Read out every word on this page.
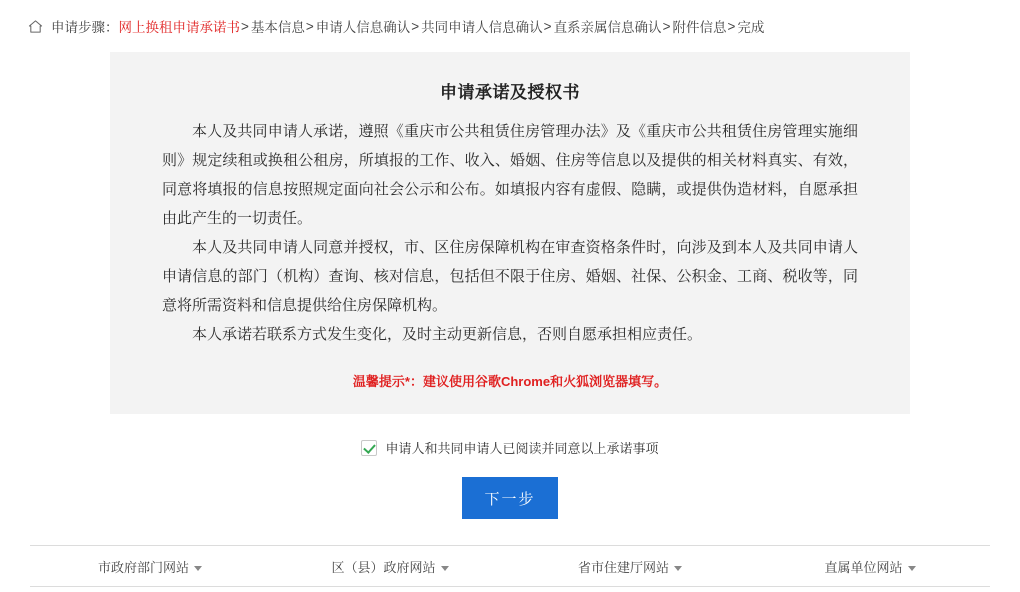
申请步骤： 网上换租申请承诺书 > 基本信息 > 申请人信息确认 > 共同申请人信息确认 > 直系亲属信息确认 > 附件信息 > 完成
申请承诺及授权书

本人及共同申请人承诺，遵照《重庆市公共租赁住房管理办法》及《重庆市公共租赁住房管理实施细则》规定续租或换租公租房，所填报的工作、收入、婚姻、住房等信息以及提供的相关材料真实、有效，同意将填报的信息按照规定面向社会公示和公布。如填报内容有虚假、隐瞒，或提供伪造材料，自愿承担由此产生的一切责任。

本人及共同申请人同意并授权，市、区住房保障机构在审查资格条件时，向涉及到本人及共同申请人申请信息的部门（机构）查询、核对信息，包括但不限于住房、婚姻、社保、公积金、工商、税收等，同意将所需资料和信息提供给住房保障机构。

本人承诺若联系方式发生变化，及时主动更新信息，否则自愿承担相应责任。

温馨提示*：建议使用谷歌Chrome和火狐浏览器填写。
申请人和共同申请人已阅读并同意以上承诺事项
下一步
市政府部门网站	区（县）政府网站	省市住建厅网站	直属单位网站
